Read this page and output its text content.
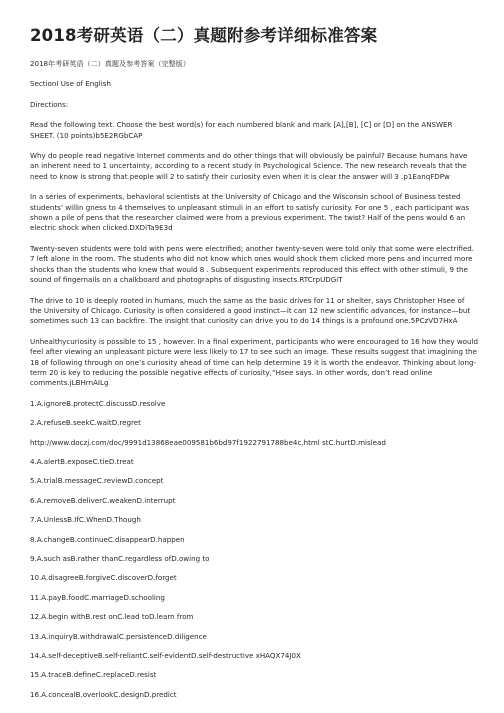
2018考研英语（二）真题附参考详细标准答案

2018年考研英语（二）真题及参考答案（完整版）

SectionⅠ Use of English

Directions:

Read the following text. Choose the best word(s) for each numbered blank and mark [A],[B], [C] or [D] on the ANSWER SHEET. (10 points)b5E2RGbCAP

Why do people read negative Internet comments and do other things that will obviously be painful? Because humans have an inherent need to 1 uncertainty, according to a recent study in Psychological Science. The new research reveals that the need to know is strong that people will 2 to satisfy their curiosity even when it is clear the answer will 3 .p1EanqFDPw

In a series of experiments, behavioral scientists at the University of Chicago and the Wisconsin school of Business tested students’ willin gness to 4 themselves to unpleasant stimuli in an effort to satisfy curiosity. For one 5 , each participant was shown a pile of pens that the researcher claimed were from a previous experiment. The twist? Half of the pens would 6 an electric shock when clicked.DXDiTa9E3d

Twenty-seven students were told with pens were electrified; another twenty-seven were told only that some were electrified. 7 left alone in the room. The students who did not know which ones would shock them clicked more pens and incurred more shocks than the students who knew that would 8 . Subsequent experiments reproduced this effect with other stimuli, 9 the sound of fingernails on a chalkboard and photographs of disgusting insects.RTCrpUDGiT

The drive to 10 is deeply rooted in humans, much the same as the basic drives for 11 or shelter, says Christopher Hsee of the University of Chicago. Curiosity is often considered a good instinct—it can 12 new scientific advances, for instance—but sometimes such 13 can backfire. The insight that curiosity can drive you to do 14 things is a profound one.5PCzVD7HxA

Unhealthycuriosity is possible to 15 , however. In a final experiment, participants who were encouraged to 16 how they would feel after viewing an unpleasant picture were less likely to 17 to see such an image. These results suggest that imagining the 18 of following through on one’s curiosity ahead of time can help determine 19 it is worth the endeavor. Thinking about long-term 20 is key to reducing the possible negative effects of curiosity,”Hsee says. In other words, don’t read online comments.jLBHrnAILg

1.A.ignoreB.protectC.discussD.resolve

2.A.refuseB.seekC.waitD.regret

http://www.doczj.com/doc/9991d13868eae009581b6bd97f1922791788be4c.html stC.hurtD.mislead

4.A.alertB.exposeC.tieD.treat

5.A.trialB.messageC.reviewD.concept

6.A.removeB.deliverC.weakenD.interrupt

7.A.UnlessB.IfC.WhenD.Though

8.A.changeB.continueC.disappearD.happen

9.A.such asB.rather thanC.regardless ofD.owing to

10.A.disagreeB.forgiveC.discoverD.forget

11.A.payB.foodC.marriageD.schooling

12.A.begin withB.rest onC.lead toD.learn from

13.A.inquiryB.withdrawalC.persistenceD.diligence

14.A.self-deceptiveB.self-reliantC.self-evidentD.self-destructive xHAQX74J0X

15.A.traceB.defineC.replaceD.resist

16.A.concealB.overlookC.designD.predict
